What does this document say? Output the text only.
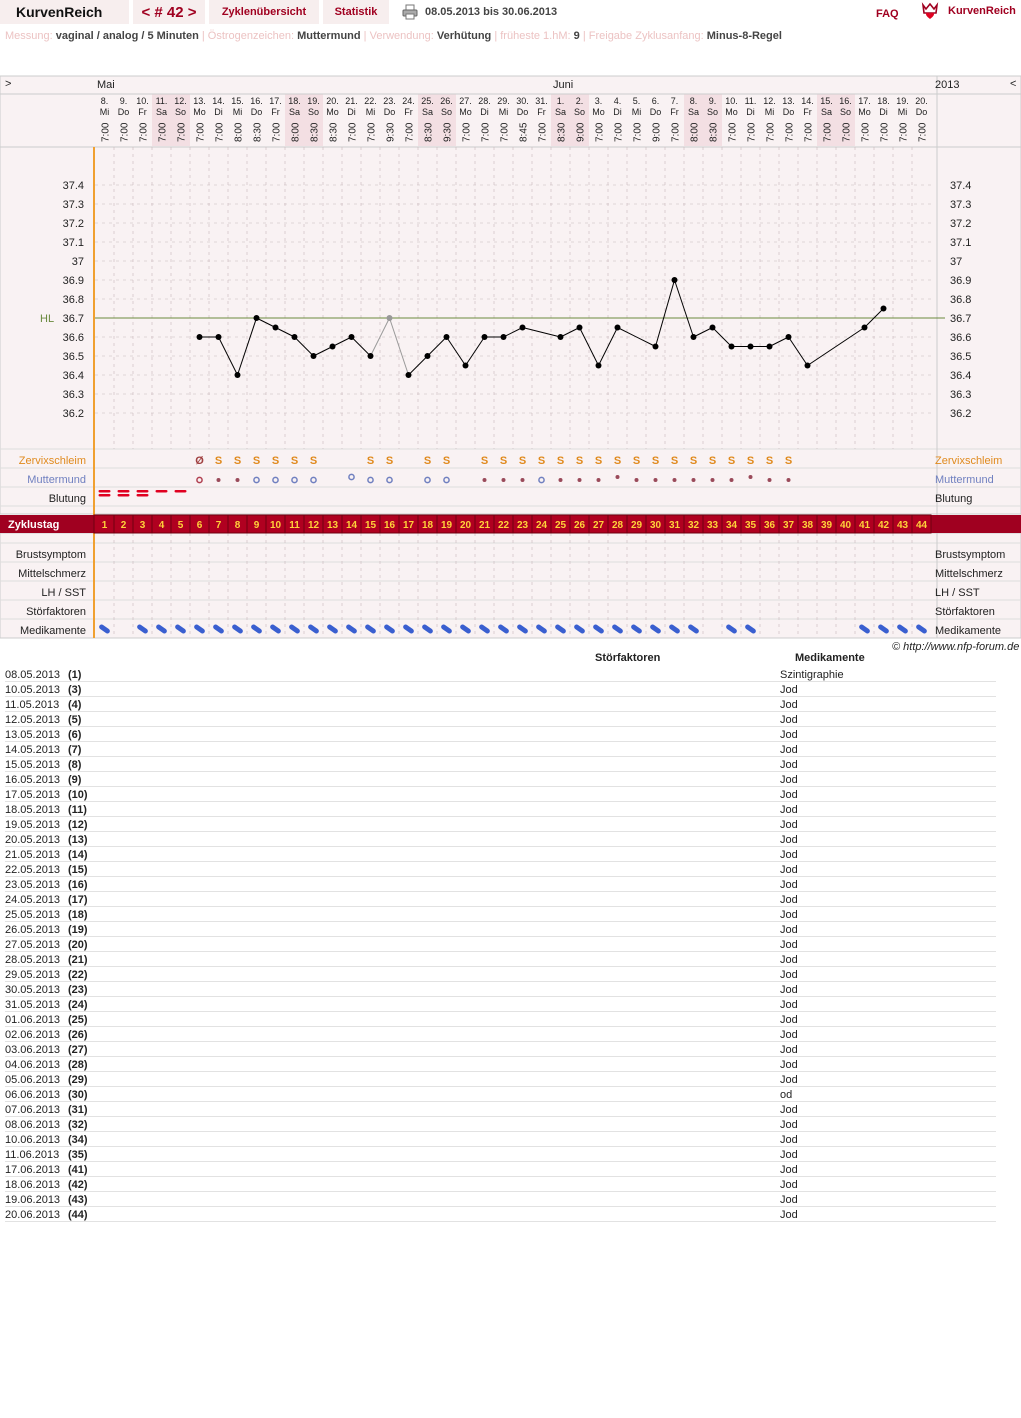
KurvenReich	< # 42 >	Zyklenübersicht	Statistik	08.05.2013 bis 30.06.2013	FAQ	KurvenReich
Messung: vaginal / analog / 5 Minuten | Östrogenzeichen: Muttermund | Verwendung: Verhütung | früheste 1.hM: 9 | Freigabe Zyklusanfang: Minus-8-Regel
37.4	37.4
37.3	37.3
37.2	37.2
37.1	37.1
37	37
36.9	36.9
36.8	36.8
36.7	36.7
36.6	36.6
36.5	36.5
36.4	36.4
36.3	36.3
36.2	36.2
>	<
2013
Mai	Juni
8.
Mi
7:00
9.
Do
7:00
10.
Fr
7:00
11.
Sa
7:00
12.
So
7:00
13.
Mo
7:00
14.
Di
7:00
15.
Mi
8:00
16.
Do
8:30
17.
Fr
7:00
18.
Sa
8:00
19.
So
8:30
20.
Mo
8:30
21.
Di
7:00
22.
Mi
7:00
23.
Do
9:30
24.
Fr
7:00
25.
Sa
8:30
26.
So
9:30
27.
Mo
7:00
28.
Di
7:00
29.
Mi
7:00
30.
Do
8:45
31.
Fr
7:00
1.
Sa
8:30
2.
So
9:00
3.
Mo
7:00
4.
Di
7:00
5.
Mi
7:00
6.
Do
9:00
7.
Fr
7:00
8.
Sa
8:00
9.
So
8:30
10.
Mo
7:00
11.
Di
7:00
12.
Mi
7:00
13.
Do
7:00
14.
Fr
7:00
15.
Sa
7:00
16.
So
7:00
17.
Mo
7:00
18.
Di
7:00
19.
Mi
7:00
20.
Do
7:00
HL
Zervixschleim	Zervixschleim
Muttermund	Muttermund
Blutung	Blutung
Brustsymptom	Brustsymptom
Mittelschmerz	Mittelschmerz
LH / SST	LH / SST
Störfaktoren	Störfaktoren
Medikamente	Medikamente
Ø S S S S S S	S S	S S	S S S S S S S S S S S S S S S S S
Zyklustag	1 2 3 4 5 6 7 8 9 10 11 12 13 14 15 16 17 18 19 20 21 22 23 24 25 26 27 28 29 30 31 32 33 34 35 36 37 38 39 40 41 42 43 44
© http://www.nfp-forum.de
Störfaktoren	Medikamente
08.05.2013 (1)	Szintigraphie
10.05.2013 (3)	Jod
11.05.2013 (4)	Jod
12.05.2013 (5)	Jod
13.05.2013 (6)	Jod
14.05.2013 (7)	Jod
15.05.2013 (8)	Jod
16.05.2013 (9)	Jod
17.05.2013 (10)	Jod
18.05.2013 (11)	Jod
19.05.2013 (12)	Jod
20.05.2013 (13)	Jod
21.05.2013 (14)	Jod
22.05.2013 (15)	Jod
23.05.2013 (16)	Jod
24.05.2013 (17)	Jod
25.05.2013 (18)	Jod
26.05.2013 (19)	Jod
27.05.2013 (20)	Jod
28.05.2013 (21)	Jod
29.05.2013 (22)	Jod
30.05.2013 (23)	Jod
31.05.2013 (24)	Jod
01.06.2013 (25)	Jod
02.06.2013 (26)	Jod
03.06.2013 (27)	Jod
04.06.2013 (28)	Jod
05.06.2013 (29)	Jod
06.06.2013 (30)	od
07.06.2013 (31)	Jod
08.06.2013 (32)	Jod
10.06.2013 (34)	Jod
11.06.2013 (35)	Jod
17.06.2013 (41)	Jod
18.06.2013 (42)	Jod
19.06.2013 (43)	Jod
20.06.2013 (44)	Jod
